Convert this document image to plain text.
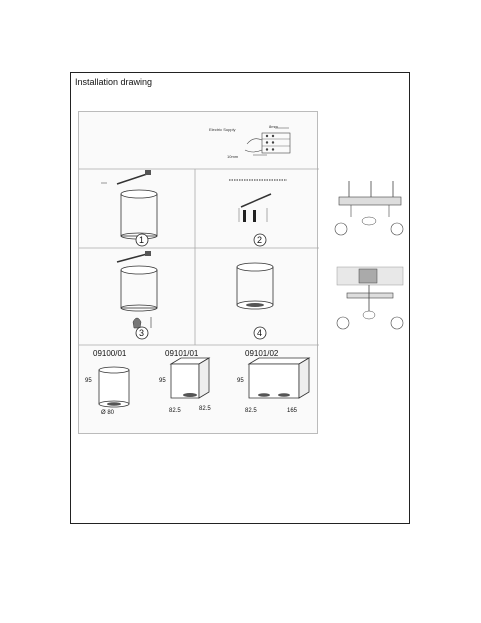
Installation drawing
Electric Supply
8mm
10mm
1	2
3	4
09100/01	09101/01	09101/02
95
Ø 80
95
82.5	82.5
95
82.5	165
